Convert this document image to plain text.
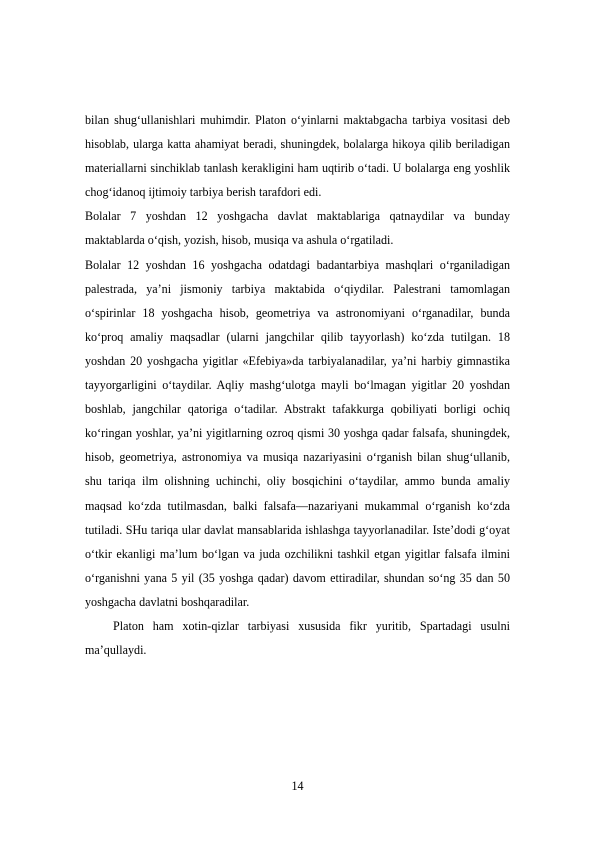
bilan shug‘ullanishlari muhimdir. Platon o‘yinlarni maktabgacha tarbiya vositasi deb hisoblab, ularga katta ahamiyat beradi, shuningdek, bolalarga hikoya qilib beriladigan materiallarni sinchiklab tanlash kerakligini ham uqtirib o‘tadi. U bolalarga eng yoshlik chog‘idanoq ijtimoiy tarbiya berish tarafdori edi.

Bolalar 7 yoshdan 12 yoshgacha davlat maktablariga qatnaydilar va bunday maktablarda o‘qish, yozish, hisob, musiqa va ashula o‘rgatiladi.

Bolalar 12 yoshdan 16 yoshgacha odatdagi badantarbiya mashqlari o‘rganiladigan palestrada, ya’ni jismoniy tarbiya maktabida o‘qiydilar. Palestrani tamomlagan o‘spirinlar 18 yoshgacha hisob, geometriya va astronomiyani o‘rganadilar, bunda ko‘proq amaliy maqsadlar (ularni jangchilar qilib tayyorlash) ko‘zda tutilgan. 18 yoshdan 20 yoshgacha yigitlar «Efebiya»da tarbiyalanadilar, ya’ni harbiy gimnastika tayyorgarligini o‘taydilar. Aqliy mashg‘ulotga mayli bo‘lmagan yigitlar 20 yoshdan boshlab, jangchilar qatoriga o‘tadilar. Abstrakt tafakkurga qobiliyati borligi ochiq ko‘ringan yoshlar, ya’ni yigitlarning ozroq qismi 30 yoshga qadar falsafa, shuningdek, hisob, geometriya, astronomiya va musiqa nazariyasini o‘rganish bilan shug‘ullanib, shu tariqa ilm olishning uchinchi, oliy bosqichini o‘taydilar, ammo bunda amaliy maqsad ko‘zda tutilmasdan, balki falsafa—nazariyani mukammal o‘rganish ko‘zda tutiladi. SHu tariqa ular davlat mansablarida ishlashga tayyorlanadilar. Iste’dodi g‘oyat o‘tkir ekanligi ma’lum bo‘lgan va juda ozchilikni tashkil etgan yigitlar falsafa ilmini o‘rganishni yana 5 yil (35 yoshga qadar) davom ettiradilar, shundan so‘ng 35 dan 50 yoshgacha davlatni boshqaradilar.

Platon ham xotin-qizlar tarbiyasi xususida fikr yuritib, Spartadagi usulni ma’qullaydi.

14
